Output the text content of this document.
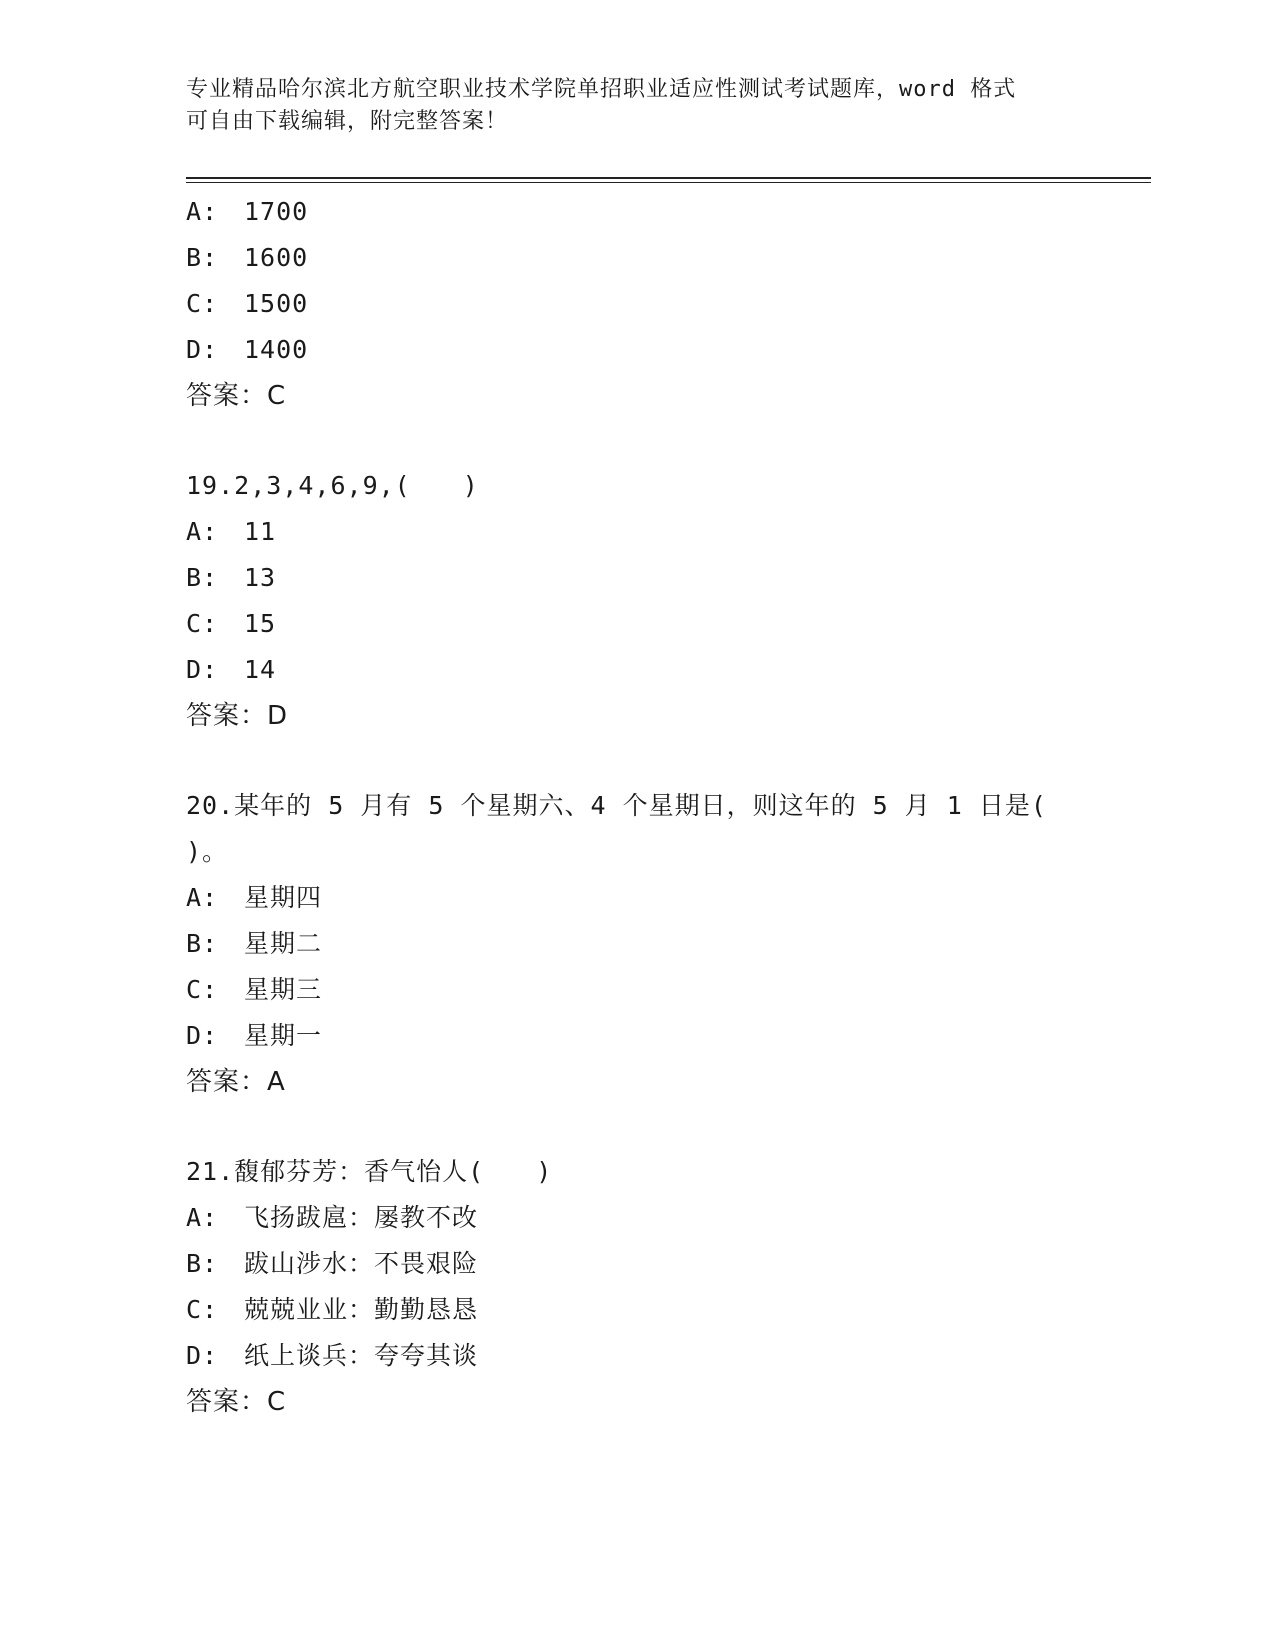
专业精品哈尔滨北方航空职业技术学院单招职业适应性测试考试题库，word 格式
可自由下载编辑，附完整答案！
A: 1700
B: 1600
C: 1500
D: 1400
答案：C
19.2,3,4,6,9,(　　)
A: 11
B: 13
C: 15
D: 14
答案：D
20.某年的 5 月有 5 个星期六、4 个星期日，则这年的 5 月 1 日是(
)。
A: 星期四
B: 星期二
C: 星期三
D: 星期一
答案：A
21.馥郁芬芳：香气怡人(　　)
A: 飞扬跋扈：屡教不改
B: 跋山涉水：不畏艰险
C: 兢兢业业：勤勤恳恳
D: 纸上谈兵：夸夸其谈
答案：C
